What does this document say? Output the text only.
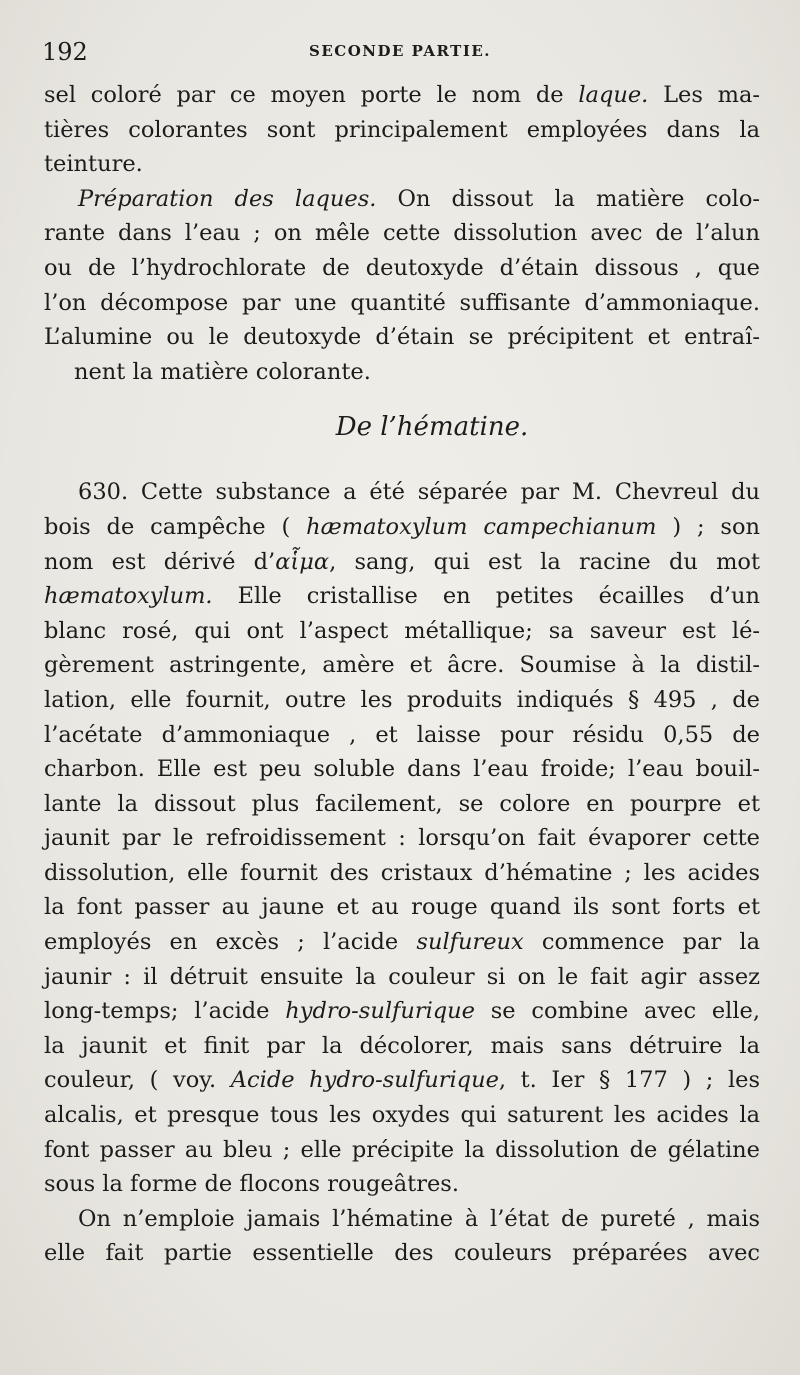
192	SECONDE PARTIE.
sel coloré par ce moyen porte le nom de laque. Les ma-
tières colorantes sont principalement employées dans la
teinture.
Préparation des laques. On dissout la matière colo-
rante dans l’eau ; on mêle cette dissolution avec de l’alun
ou de l’hydrochlorate de deutoxyde d’étain dissous , que
l’on décompose par une quantité suffisante d’ammoniaque.
L’alumine ou le deutoxyde d’étain se précipitent et entraî-
nent la matière colorante.
De l’hématine.
630. Cette substance a été séparée par M. Chevreul du
bois de campêche ( hæmatoxylum campechianum ) ; son
nom est dérivé d’αἷμα, sang, qui est la racine du mot
hæmatoxylum. Elle cristallise en petites écailles d’un
blanc rosé, qui ont l’aspect métallique; sa saveur est lé-
gèrement astringente, amère et âcre. Soumise à la distil-
lation, elle fournit, outre les produits indiqués § 495 , de
l’acétate d’ammoniaque , et laisse pour résidu 0,55 de
charbon. Elle est peu soluble dans l’eau froide; l’eau bouil-
lante la dissout plus facilement, se colore en pourpre et
jaunit par le refroidissement : lorsqu’on fait évaporer cette
dissolution, elle fournit des cristaux d’hématine ; les acides
la font passer au jaune et au rouge quand ils sont forts et
employés en excès ; l’acide sulfureux commence par la
jaunir : il détruit ensuite la couleur si on le fait agir assez
long-temps; l’acide hydro-sulfurique se combine avec elle,
la jaunit et finit par la décolorer, mais sans détruire la
couleur, ( voy. Acide hydro-sulfurique, t. Ier § 177 ) ; les
alcalis, et presque tous les oxydes qui saturent les acides la
font passer au bleu ; elle précipite la dissolution de gélatine
sous la forme de flocons rougeâtres.
On n’emploie jamais l’hématine à l’état de pureté , mais
elle fait partie essentielle des couleurs préparées avec
